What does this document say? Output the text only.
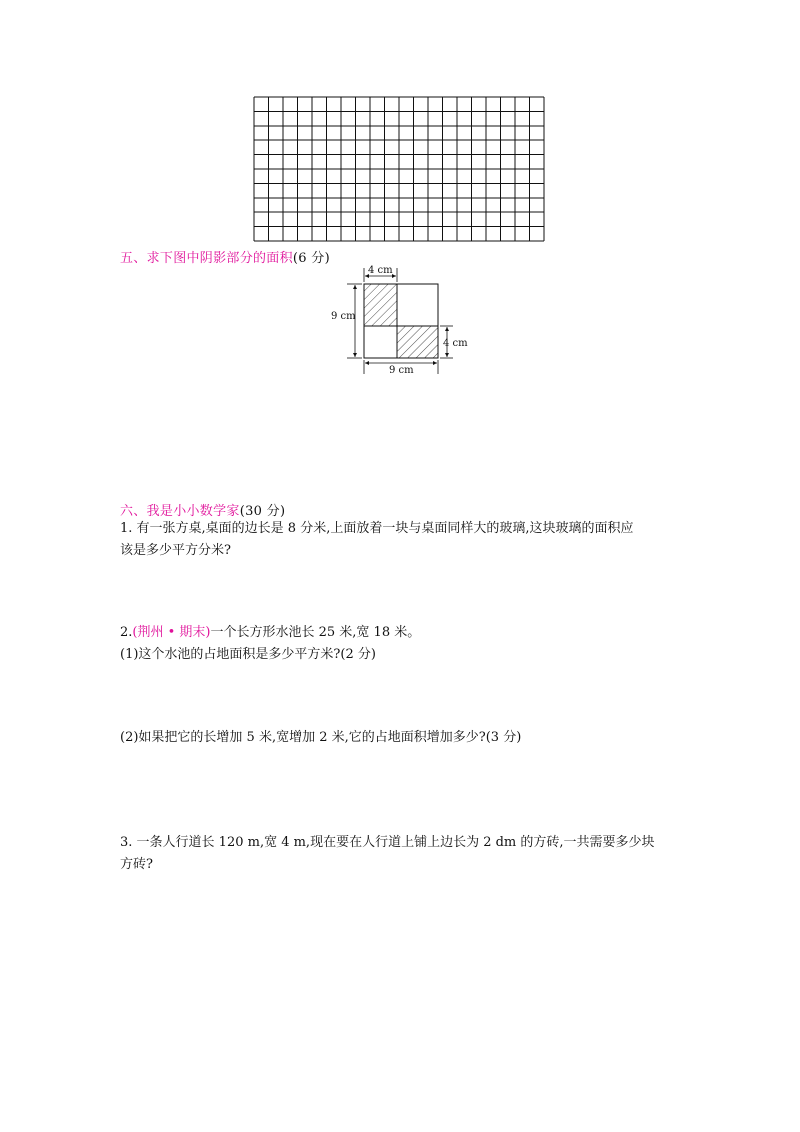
五、求下图中阴影部分的面积(6 分)
4 cm
9 cm
4 cm
9 cm
六、我是小小数学家(30 分)
1. 有一张方桌,桌面的边长是 8 分米,上面放着一块与桌面同样大的玻璃,这块玻璃的面积应
该是多少平方分米?
2.(荆州 • 期末)一个长方形水池长 25 米,宽 18 米。
(1)这个水池的占地面积是多少平方米?(2 分)
(2)如果把它的长增加 5 米,宽增加 2 米,它的占地面积增加多少?(3 分)
3. 一条人行道长 120 m,宽 4 m,现在要在人行道上铺上边长为 2 dm 的方砖,一共需要多少块
方砖?
